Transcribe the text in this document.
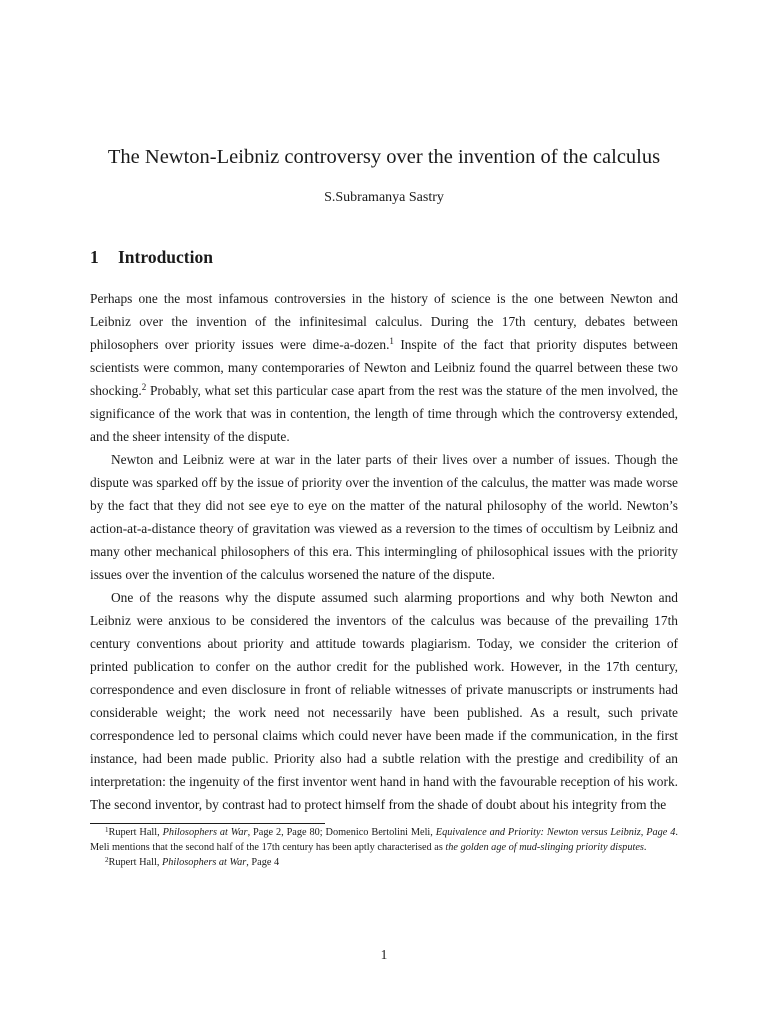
The Newton-Leibniz controversy over the invention of the calculus
S.Subramanya Sastry
1 Introduction

Perhaps one the most infamous controversies in the history of science is the one between Newton and Leibniz over the invention of the infinitesimal calculus. During the 17th century, debates between philosophers over priority issues were dime-a-dozen.$^1$ Inspite of the fact that priority disputes between scientists were common, many contemporaries of Newton and Leibniz found the quarrel between these two shocking.$^2$ Probably, what set this particular case apart from the rest was the stature of the men involved, the significance of the work that was in contention, the length of time through which the controversy extended, and the sheer intensity of the dispute.

Newton and Leibniz were at war in the later parts of their lives over a number of issues. Though the dispute was sparked off by the issue of priority over the invention of the calculus, the matter was made worse by the fact that they did not see eye to eye on the matter of the natural philosophy of the world. Newton’s action-at-a-distance theory of gravitation was viewed as a reversion to the times of occultism by Leibniz and many other mechanical philosophers of this era. This intermingling of philosophical issues with the priority issues over the invention of the calculus worsened the nature of the dispute.

One of the reasons why the dispute assumed such alarming proportions and why both Newton and Leibniz were anxious to be considered the inventors of the calculus was because of the prevailing 17th century conventions about priority and attitude towards plagiarism. Today, we consider the criterion of printed publication to confer on the author credit for the published work. However, in the 17th century, correspondence and even disclosure in front of reliable witnesses of private manuscripts or instruments had considerable weight; the work need not necessarily have been published. As a result, such private correspondence led to personal claims which could never have been made if the communication, in the first instance, had been made public. Priority also had a subtle relation with the prestige and credibility of an interpretation: the ingenuity of the first inventor went hand in hand with the favourable reception of his work. The second inventor, by contrast had to protect himself from the shade of doubt about his integrity from the

$^1$Rupert Hall, Philosophers at War, Page 2, Page 80; Domenico Bertolini Meli, Equivalence and Priority: Newton versus Leibniz, Page 4. Meli mentions that the second half of the 17th century has been aptly characterised as the golden age of mud-slinging priority disputes.

$^2$Rupert Hall, Philosophers at War, Page 4

1
